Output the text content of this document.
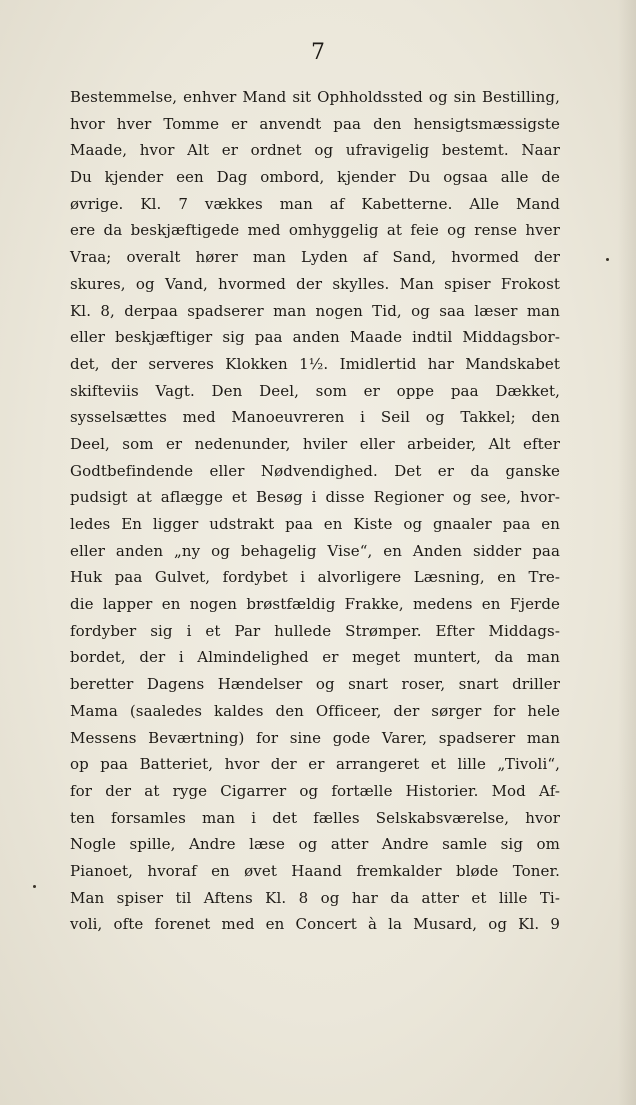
7
Bestemmelse, enhver Mand sit Ophholdssted og sin Bestilling,
hvor hver Tomme er anvendt paa den hensigtsmæssigste
Maade, hvor Alt er ordnet og ufravigelig bestemt. Naar
Du kjender een Dag ombord, kjender Du ogsaa alle de
øvrige. Kl. 7 vækkes man af Kabetterne. Alle Mand
ere da beskjæftigede med omhyggelig at feie og rense hver
Vraa; overalt hører man Lyden af Sand, hvormed der
skures, og Vand, hvormed der skylles. Man spiser Frokost
Kl. 8, derpaa spadserer man nogen Tid, og saa læser man
eller beskjæftiger sig paa anden Maade indtil Middagsbor-
det, der serveres Klokken 1½. Imidlertid har Mandskabet
skifteviis Vagt. Den Deel, som er oppe paa Dækket,
sysselsættes med Manoeuvreren i Seil og Takkel; den
Deel, som er nedenunder, hviler eller arbeider, Alt efter
Godtbefindende eller Nødvendighed. Det er da ganske
pudsigt at aflægge et Besøg i disse Regioner og see, hvor-
ledes En ligger udstrakt paa en Kiste og gnaaler paa en
eller anden „ny og behagelig Vise“, en Anden sidder paa
Huk paa Gulvet, fordybet i alvorligere Læsning, en Tre-
die lapper en nogen brøstfældig Frakke, medens en Fjerde
fordyber sig i et Par hullede Strømper. Efter Middags-
bordet, der i Almindelighed er meget muntert, da man
beretter Dagens Hændelser og snart roser, snart driller
Mama (saaledes kaldes den Officeer, der sørger for hele
Messens Beværtning) for sine gode Varer, spadserer man
op paa Batteriet, hvor der er arrangeret et lille „Tivoli“,
for der at ryge Cigarrer og fortælle Historier. Mod Af-
ten forsamles man i det fælles Selskabsværelse, hvor
Nogle spille, Andre læse og atter Andre samle sig om
Pianoet, hvoraf en øvet Haand fremkalder bløde Toner.
Man spiser til Aftens Kl. 8 og har da atter et lille Ti-
voli, ofte forenet med en Concert à la Musard, og Kl. 9
